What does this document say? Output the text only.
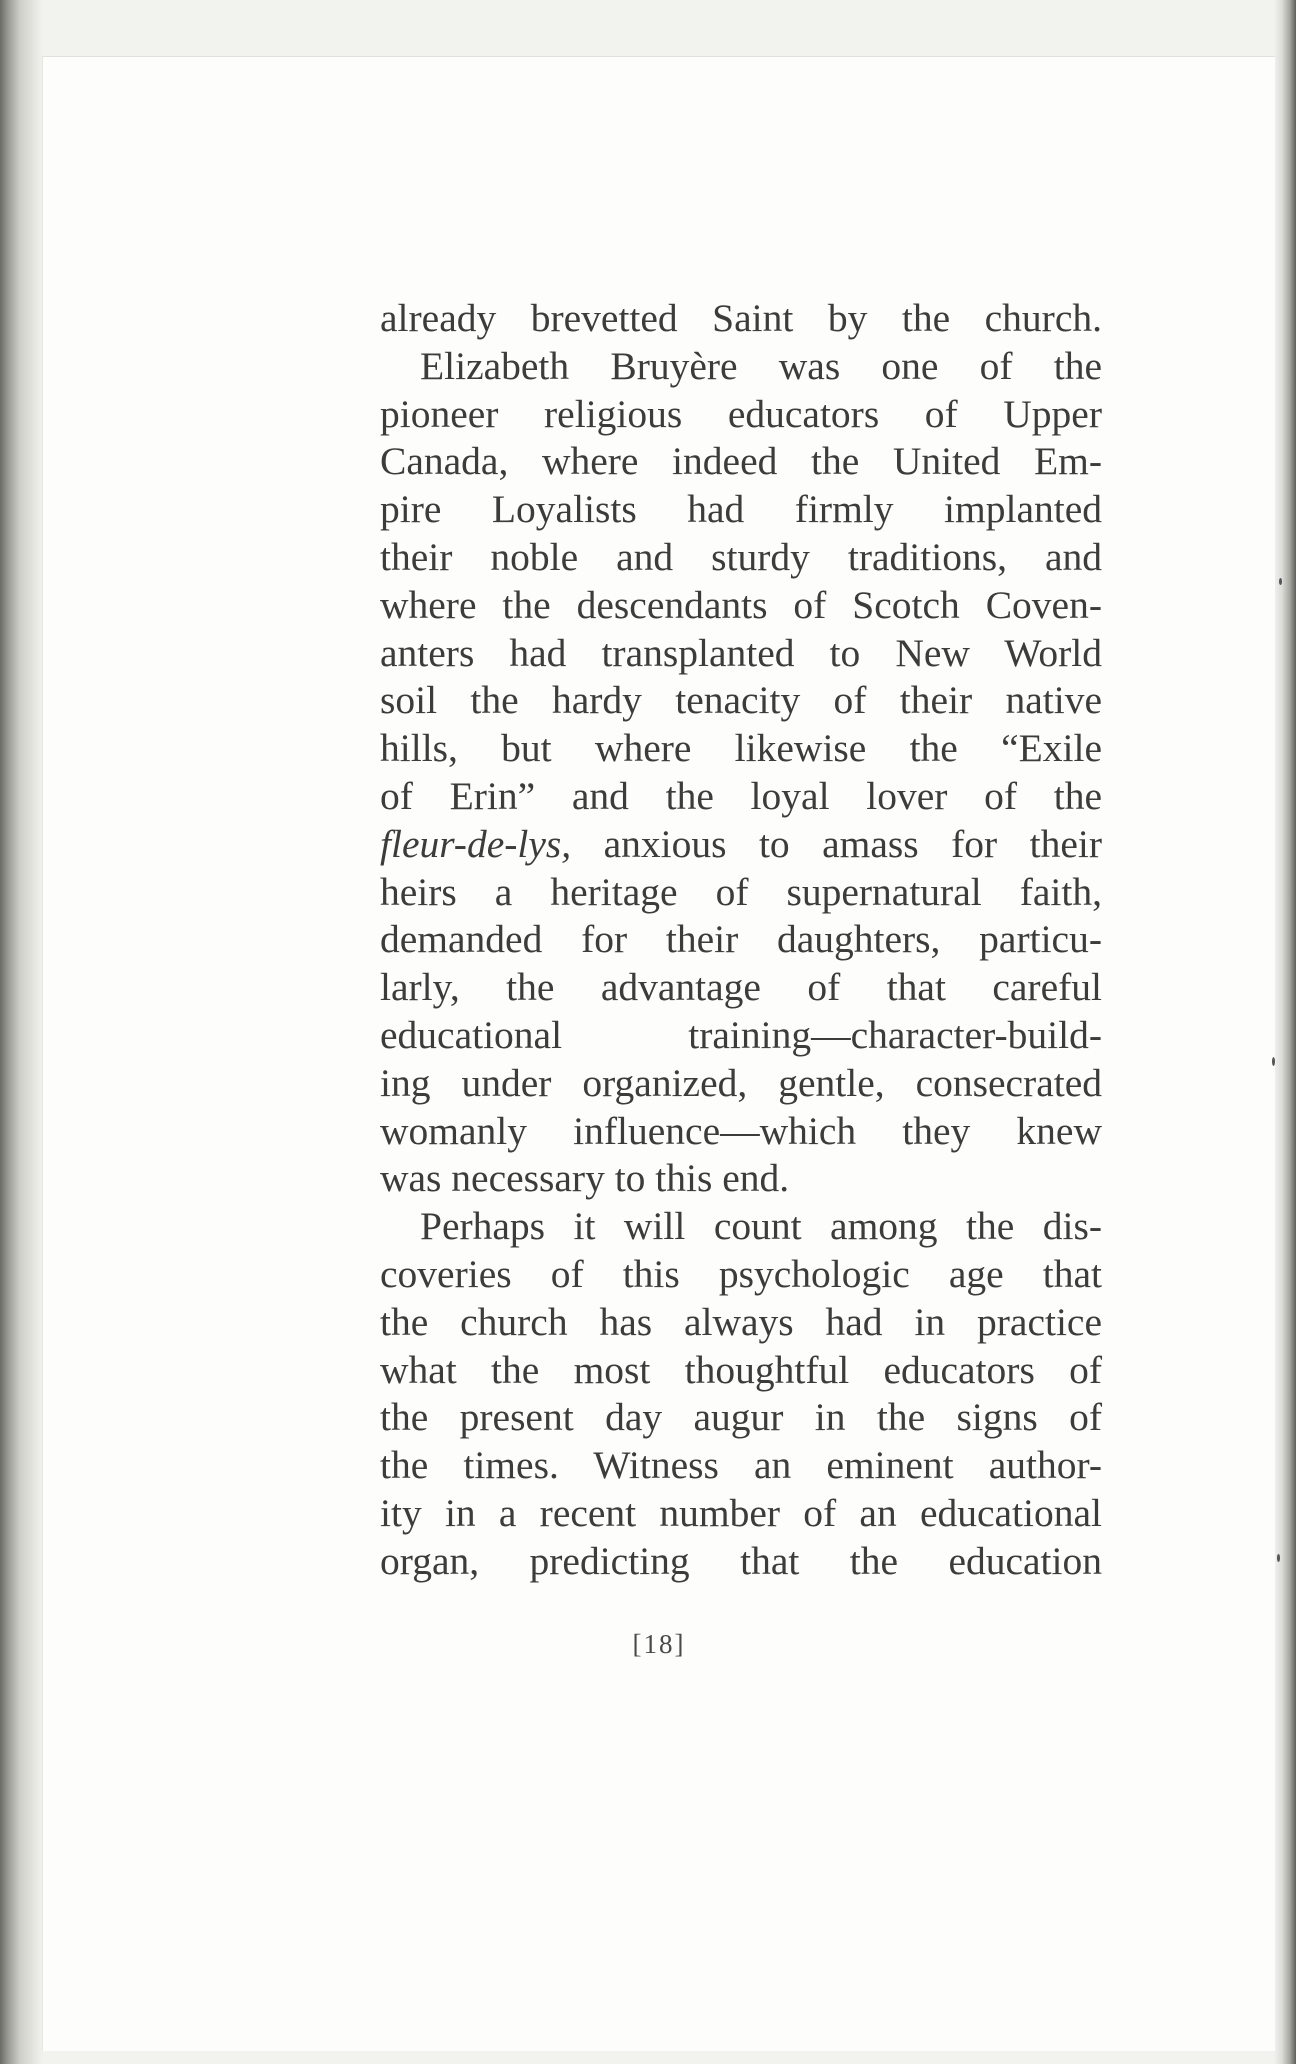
already brevetted Saint by the church.
Elizabeth Bruyère was one of the
pioneer religious educators of Upper
Canada, where indeed the United Em-
pire Loyalists had firmly implanted
their noble and sturdy traditions, and
where the descendants of Scotch Coven-
anters had transplanted to New World
soil the hardy tenacity of their native
hills, but where likewise the “Exile
of Erin” and the loyal lover of the
fleur-de-lys, anxious to amass for their
heirs a heritage of supernatural faith,
demanded for their daughters, particu-
larly, the advantage of that careful
educational training—character-build-
ing under organized, gentle, consecrated
womanly influence—which they knew
was necessary to this end.
Perhaps it will count among the dis-
coveries of this psychologic age that
the church has always had in practice
what the most thoughtful educators of
the present day augur in the signs of
the times. Witness an eminent author-
ity in a recent number of an educational
organ, predicting that the education
[18]
